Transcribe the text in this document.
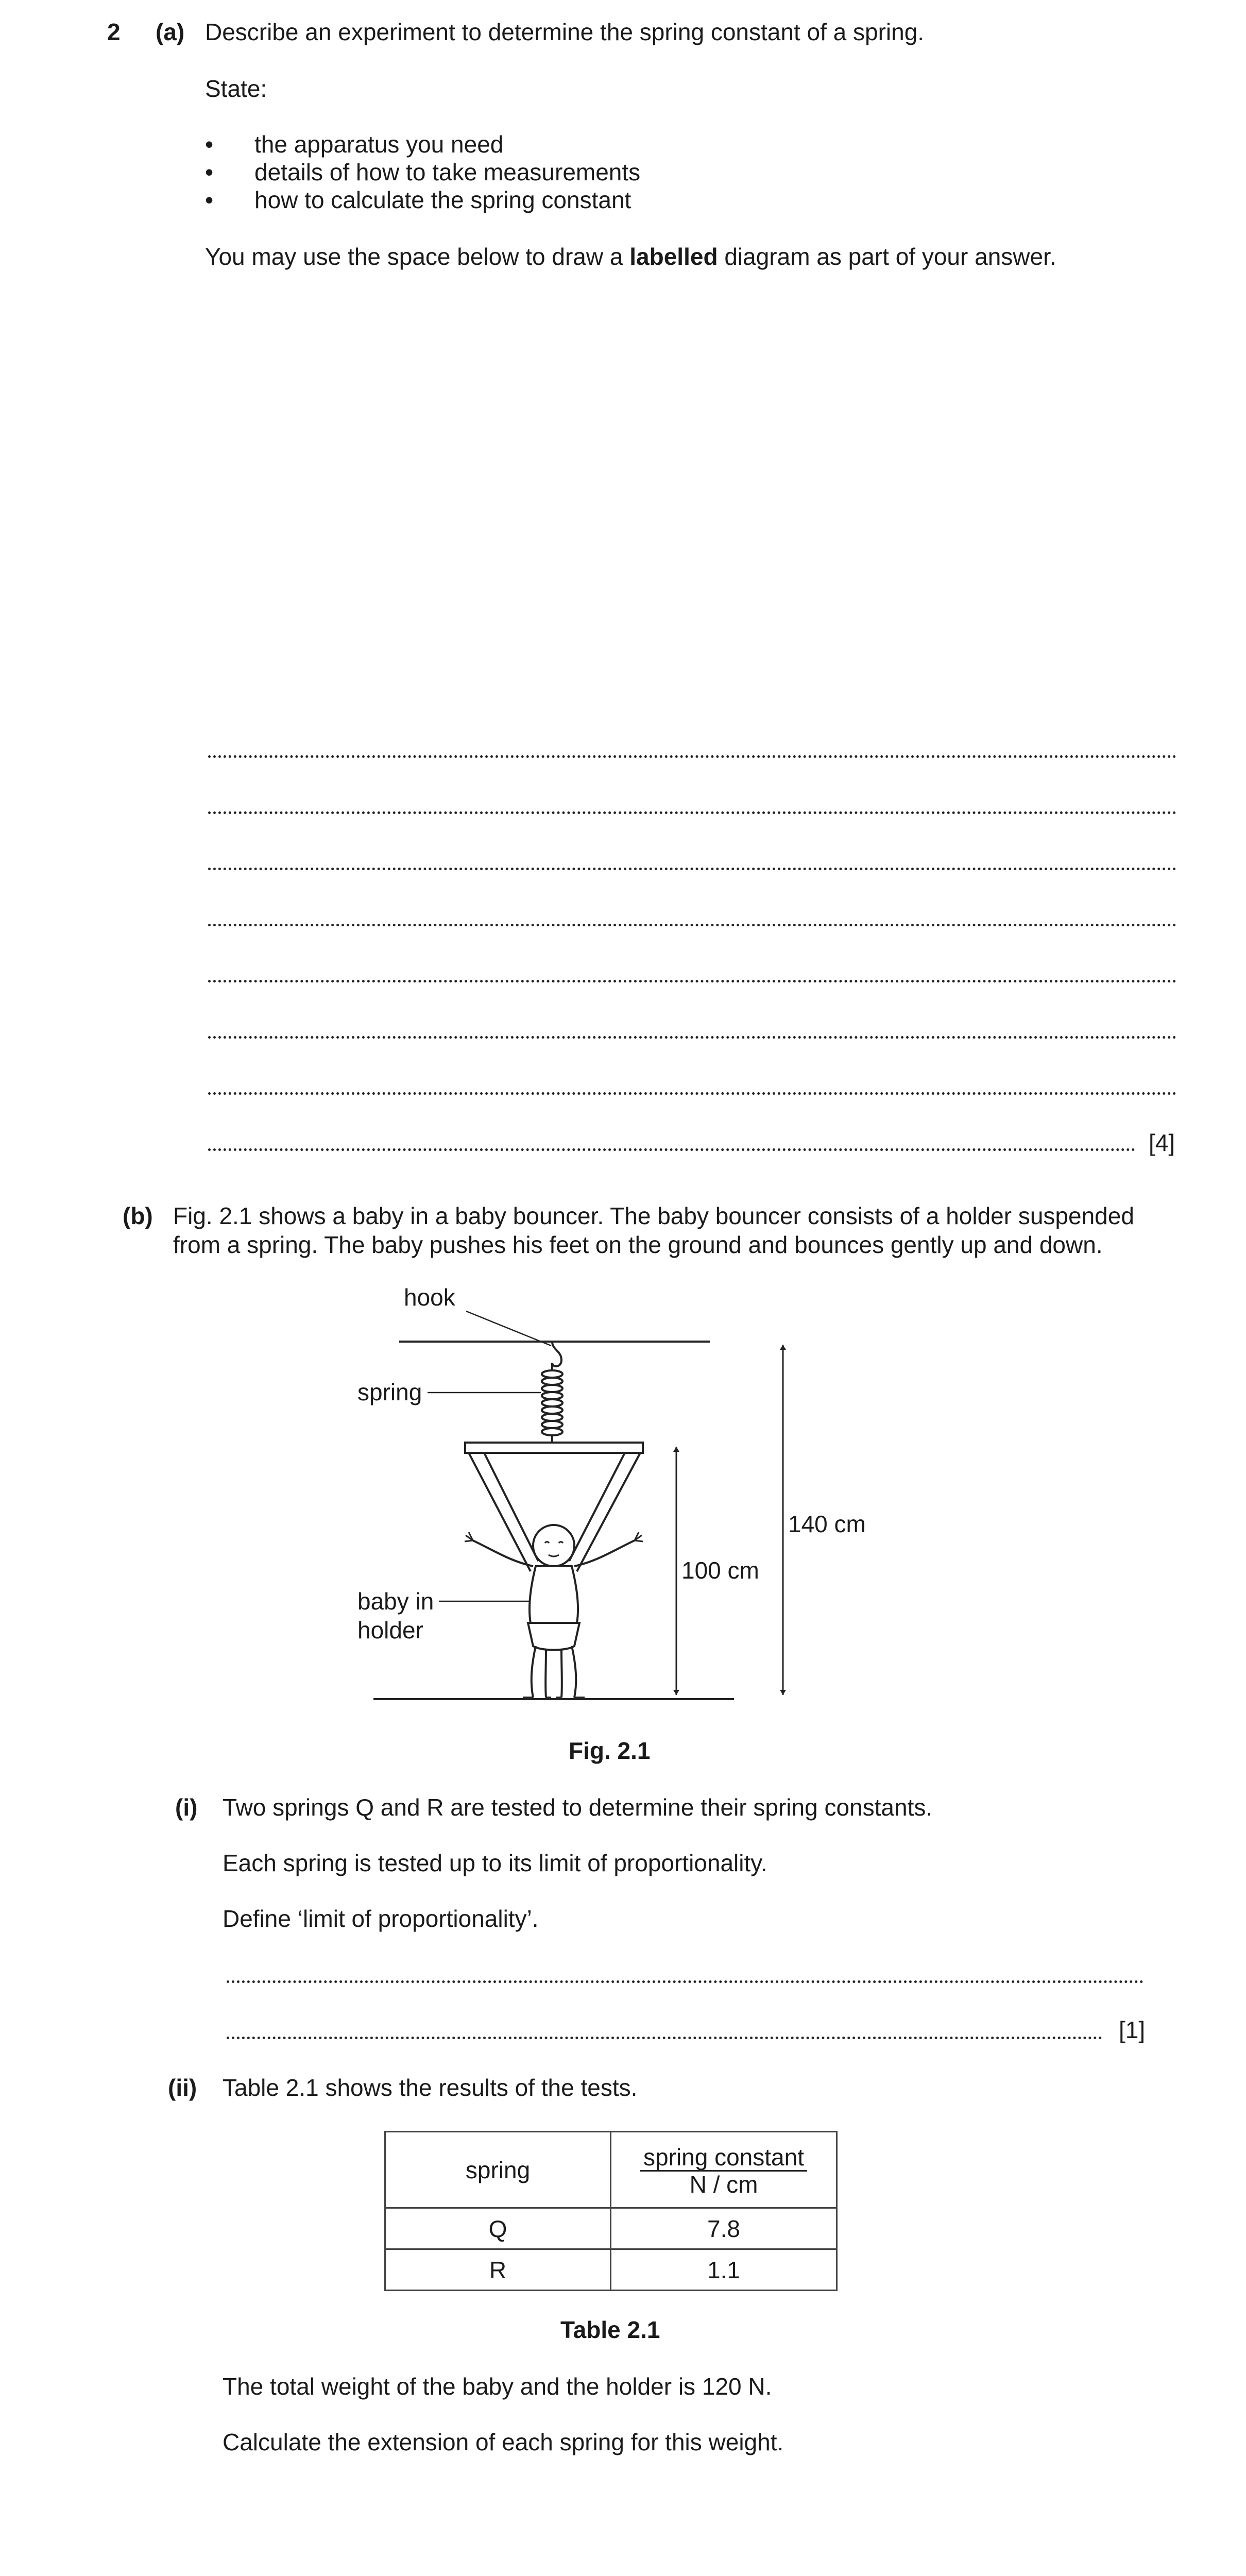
2 (a) Describe an experiment to determine the spring constant of a spring.
State:
• the apparatus you need
• details of how to take measurements
• how to calculate the spring constant
You may use the space below to draw a labelled diagram as part of your answer.
[4]
(b) Fig. 2.1 shows a baby in a baby bouncer. The baby bouncer consists of a holder suspended
from a spring. The baby pushes his feet on the ground and bounces gently up and down.
hook
spring
baby in
holder
100 cm
140 cm
Fig. 2.1
(i) Two springs Q and R are tested to determine their spring constants.
Each spring is tested up to its limit of proportionality.
Define ‘limit of proportionality’.
[1]
(ii) Table 2.1 shows the results of the tests.
spring	spring constant
N / cm

Q	7.8
R	1.1
Table 2.1
The total weight of the baby and the holder is 120 N.
Calculate the extension of each spring for this weight.
